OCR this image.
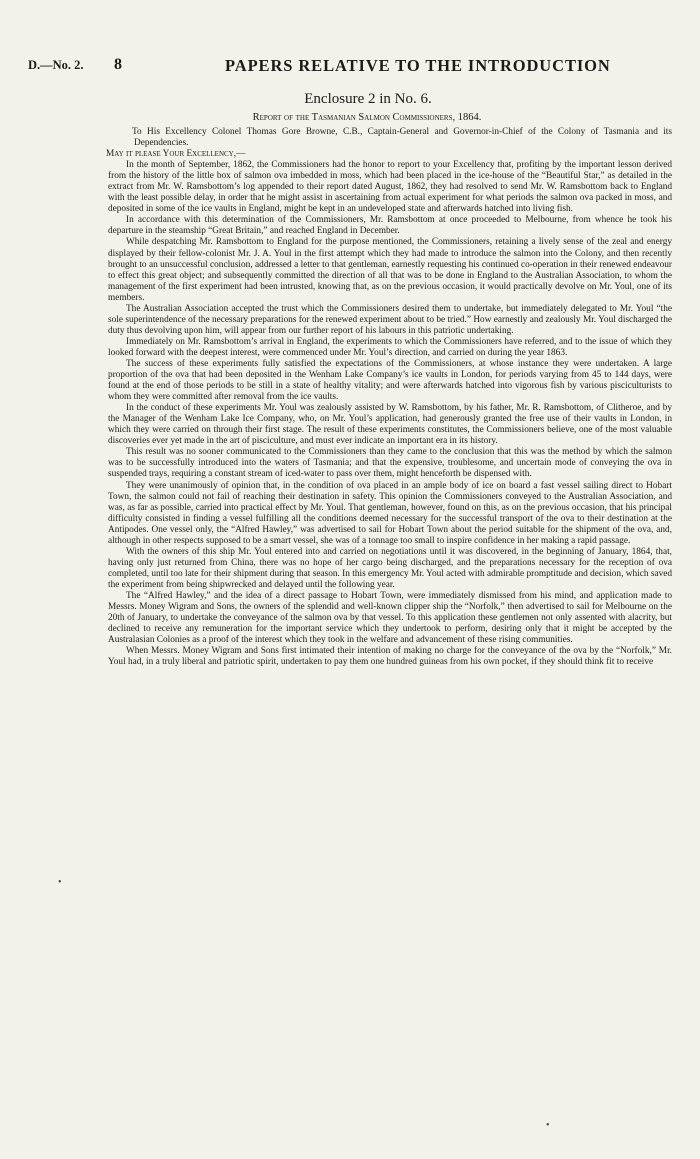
D.—No. 2. 8	PAPERS RELATIVE TO THE INTRODUCTION
Enclosure 2 in No. 6.
Report of the Tasmanian Salmon Commissioners, 1864.

To His Excellency Colonel Thomas Gore Browne, C.B., Captain-General and Governor-in-Chief of the Colony of Tasmania and its Dependencies.

May it please Your Excellency,—

In the month of September, 1862, the Commissioners had the honor to report to your Excellency that, profiting by the important lesson derived from the history of the little box of salmon ova imbedded in moss, which had been placed in the ice-house of the “Beautiful Star,” as detailed in the extract from Mr. W. Ramsbottom’s log appended to their report dated August, 1862, they had resolved to send Mr. W. Ramsbottom back to England with the least possible delay, in order that he might assist in ascertaining from actual experiment for what periods the salmon ova packed in moss, and deposited in some of the ice vaults in England, might be kept in an undeveloped state and afterwards hatched into living fish.

In accordance with this determination of the Commissioners, Mr. Ramsbottom at once proceeded to Melbourne, from whence he took his departure in the steamship “Great Britain,” and reached England in December.

While despatching Mr. Ramsbottom to England for the purpose mentioned, the Commissioners, retaining a lively sense of the zeal and energy displayed by their fellow-colonist Mr. J. A. Youl in the first attempt which they had made to introduce the salmon into the Colony, and then recently brought to an unsuccessful conclusion, addressed a letter to that gentleman, earnestly requesting his continued co-operation in their renewed endeavour to effect this great object; and subsequently committed the direction of all that was to be done in England to the Australian Association, to whom the management of the first experiment had been intrusted, knowing that, as on the previous occasion, it would practically devolve on Mr. Youl, one of its members.

The Australian Association accepted the trust which the Commissioners desired them to undertake, but immediately delegated to Mr. Youl “the sole superintendence of the necessary preparations for the renewed experiment about to be tried.” How earnestly and zealously Mr. Youl discharged the duty thus devolving upon him, will appear from our further report of his labours in this patriotic undertaking.

Immediately on Mr. Ramsbottom’s arrival in England, the experiments to which the Commissioners have referred, and to the issue of which they looked forward with the deepest interest, were commenced under Mr. Youl’s direction, and carried on during the year 1863.

The success of these experiments fully satisfied the expectations of the Commissioners, at whose instance they were undertaken. A large proportion of the ova that had been deposited in the Wenham Lake Company’s ice vaults in London, for periods varying from 45 to 144 days, were found at the end of those periods to be still in a state of healthy vitality; and were afterwards hatched into vigorous fish by various pisciculturists to whom they were committed after removal from the ice vaults.

In the conduct of these experiments Mr. Youl was zealously assisted by W. Ramsbottom, by his father, Mr. R. Ramsbottom, of Clitheroe, and by the Manager of the Wenham Lake Ice Company, who, on Mr. Youl’s application, had generously granted the free use of their vaults in London, in which they were carried on through their first stage. The result of these experiments constitutes, the Commissioners believe, one of the most valuable discoveries ever yet made in the art of pisciculture, and must ever indicate an important era in its history.

This result was no sooner communicated to the Commissioners than they came to the conclusion that this was the method by which the salmon was to be successfully introduced into the waters of Tasmania; and that the expensive, troublesome, and uncertain mode of conveying the ova in suspended trays, requiring a constant stream of iced-water to pass over them, might henceforth be dispensed with.

They were unanimously of opinion that, in the condition of ova placed in an ample body of ice on board a fast vessel sailing direct to Hobart Town, the salmon could not fail of reaching their destination in safety. This opinion the Commissioners conveyed to the Australian Association, and was, as far as possible, carried into practical effect by Mr. Youl. That gentleman, however, found on this, as on the previous occasion, that his principal difficulty consisted in finding a vessel fulfilling all the conditions deemed necessary for the successful transport of the ova to their destination at the Antipodes. One vessel only, the “Alfred Hawley,” was advertised to sail for Hobart Town about the period suitable for the shipment of the ova, and, although in other respects supposed to be a smart vessel, she was of a tonnage too small to inspire confidence in her making a rapid passage.

With the owners of this ship Mr. Youl entered into and carried on negotiations until it was discovered, in the beginning of January, 1864, that, having only just returned from China, there was no hope of her cargo being discharged, and the preparations necessary for the reception of ova completed, until too late for their shipment during that season. In this emergency Mr. Youl acted with admirable promptitude and decision, which saved the experiment from being shipwrecked and delayed until the following year.

The “Alfred Hawley,” and the idea of a direct passage to Hobart Town, were immediately dismissed from his mind, and application made to Messrs. Money Wigram and Sons, the owners of the splendid and well-known clipper ship the “Norfolk,” then advertised to sail for Melbourne on the 20th of January, to undertake the conveyance of the salmon ova by that vessel. To this application these gentlemen not only assented with alacrity, but declined to receive any remuneration for the important service which they undertook to perform, desiring only that it might be accepted by the Australasian Colonies as a proof of the interest which they took in the welfare and advancement of these rising communities.

When Messrs. Money Wigram and Sons first intimated their intention of making no charge for the conveyance of the ova by the “Norfolk,” Mr. Youl had, in a truly liberal and patriotic spirit, undertaken to pay them one hundred guineas from his own pocket, if they should think fit to receive

•
•
